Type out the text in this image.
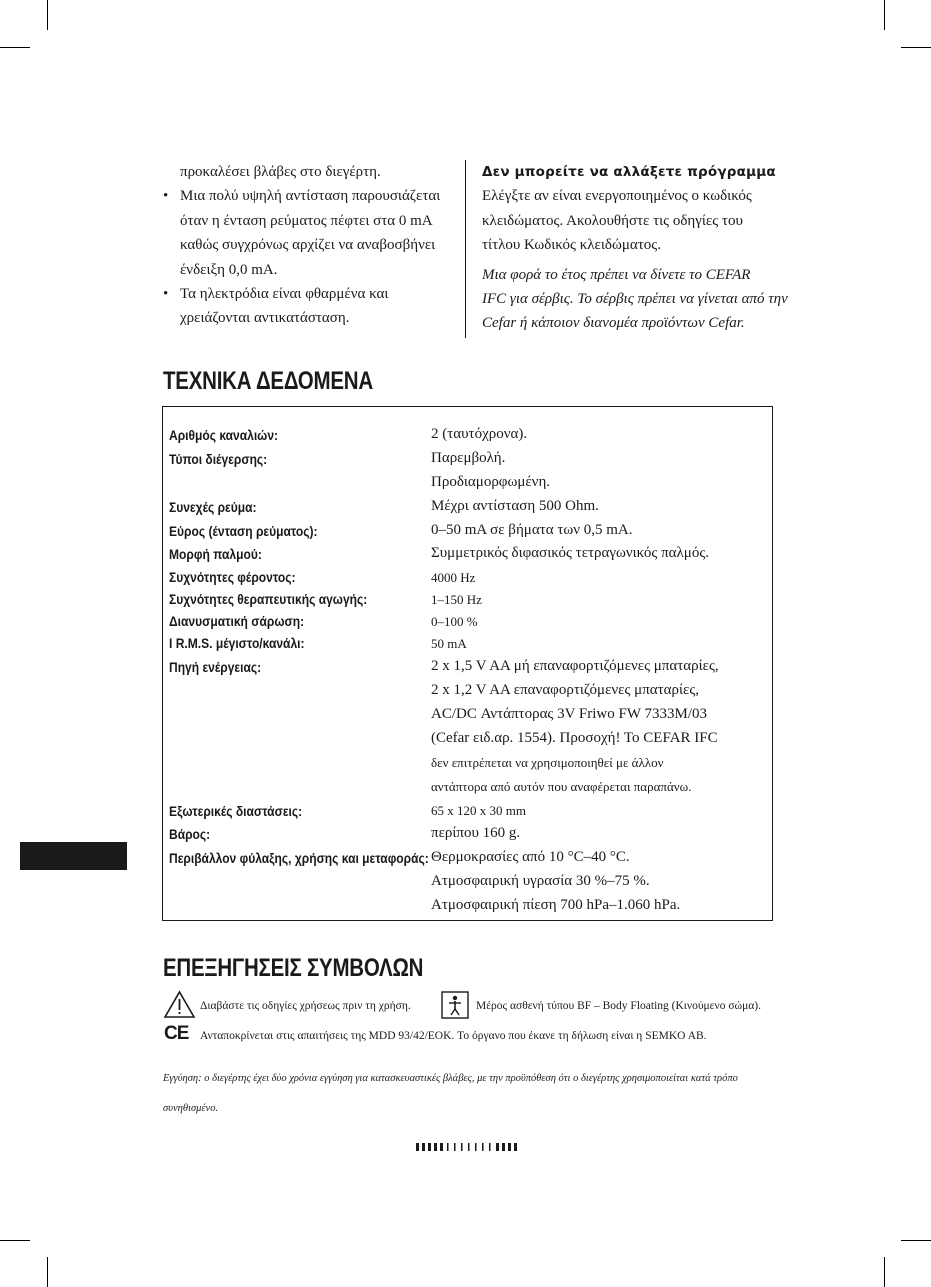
προκαλέσει βλάβες στο διεγέρτη.
• Μια πολύ υψηλή αντίσταση παρουσιάζεται
όταν η ένταση ρεύματος πέφτει στα 0 mA
καθώς συγχρόνως αρχίζει να αναβοσβήνει
ένδειξη 0,0 mA.
• Τα ηλεκτρόδια είναι φθαρμένα και
χρειάζονται αντικατάσταση.
Δεν μπορείτε να αλλάξετε πρόγραμμα
Ελέγξτε αν είναι ενεργοποιημένος ο κωδικός
κλειδώματος. Ακολουθήστε τις οδηγίες του
τίτλου Κωδικός κλειδώματος.
Μια φορά το έτος πρέπει να δίνετε το CEFAR
IFC για σέρβις. Το σέρβις πρέπει να γίνεται από την
Cefar ή κάποιον διανομέα προϊόντων Cefar.
ΤΕΧΝΙΚΑ ΔΕΔΟΜΕΝΑ
Αριθμός καναλιών:	2 (ταυτόχρονα).
Τύποι διέγερσης:	Παρεμβολή.
Προδιαμορφωμένη.
Συνεχές ρεύμα:	Μέχρι αντίσταση 500 Ohm.
Εύρος (ένταση ρεύματος):	0–50 mA σε βήματα των 0,5 mA.
Μορφή παλμού:	Συμμετρικός διφασικός τετραγωνικός παλμός.
Συχνότητες φέροντος:	4000 Hz
Συχνότητες θεραπευτικής αγωγής:	1–150 Hz
Διανυσματική σάρωση:	0–100 %
I R.M.S. μέγιστο/κανάλι:	50 mA
Πηγή ενέργειας:	2 x 1,5 V AA μή επαναφορτιζόμενες μπαταρίες,
2 x 1,2 V AA επαναφορτιζόμενες μπαταρίες,
AC/DC Αντάπτορας 3V Friwo FW 7333M/03
(Cefar ειδ.αρ. 1554). Προσοχή! Το CEFAR IFC
δεν επιτρέπεται να χρησιμοποιηθεί με άλλον
αντάπτορα από αυτόν που αναφέρεται παραπάνω.
Εξωτερικές διαστάσεις:	65 x 120 x 30 mm
Βάρος:	περίπου 160 g.
Περιβάλλον φύλαξης, χρήσης και μεταφοράς: Θερμοκρασίες από 10 °C–40 °C.
Ατμοσφαιρική υγρασία 30 %–75 %.
Ατμοσφαιρική πίεση 700 hPa–1.060 hPa.
ΕΠΕΞΗΓΗΣΕΙΣ ΣΥΜΒΟΛΩΝ
Διαβάστε τις οδηγίες χρήσεως πριν τη χρήση.	Μέρος ασθενή τύπου BF – Body Floating (Κινούμενο σώμα).
CE Ανταποκρίνεται στις απαιτήσεις της MDD 93/42/EOK. Το όργανο που έκανε τη δήλωση είναι η SEMKO AB.
Εγγύηση: ο διεγέρτης έχει δύο χρόνια εγγύηση για κατασκευαστικές βλάβες, με την προϋπόθεση ότι ο διεγέρτης χρησιμοποιείται κατά τρόπο
συνηθισμένο.
